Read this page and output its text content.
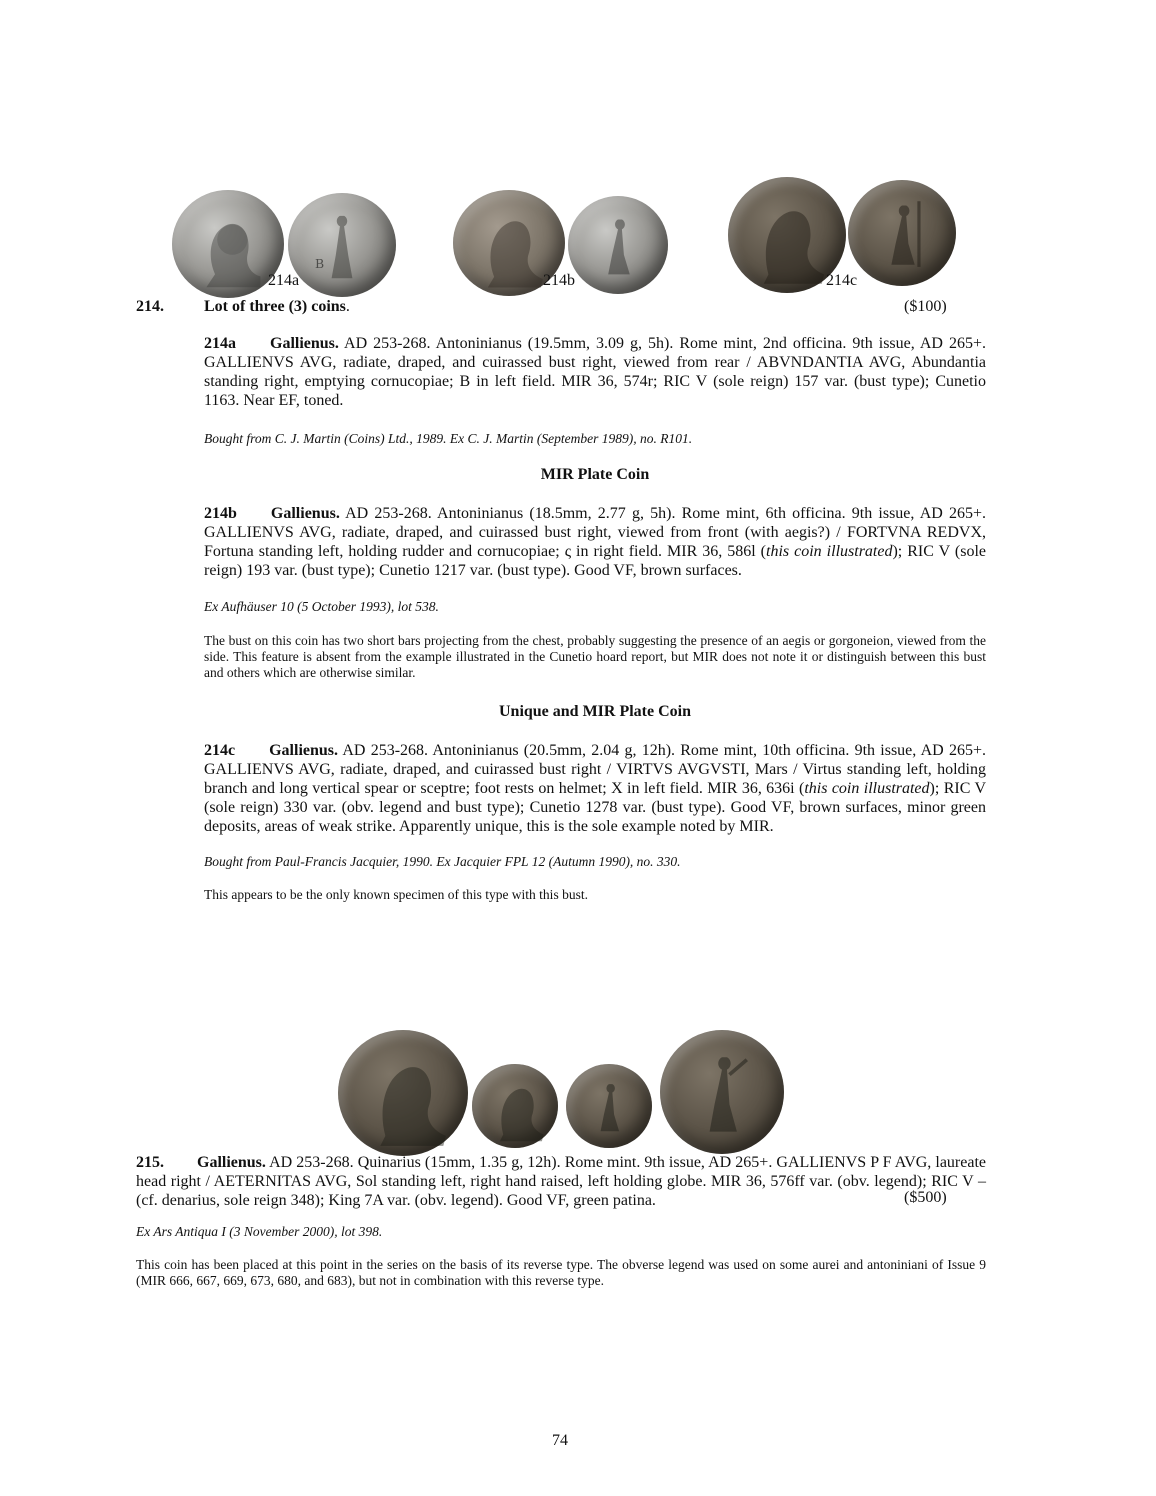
B
214a	214b	214c
214.	Lot of three (3) coins.	($100)
214a Gallienus. AD 253-268. Antoninianus (19.5mm, 3.09 g, 5h). Rome mint, 2nd officina. 9th issue, AD 265+. GALLIENVS AVG, radiate, draped, and cuirassed bust right, viewed from rear / ABVNDANTIA AVG, Abundantia standing right, emptying cornucopiae; B in left field. MIR 36, 574r; RIC V (sole reign) 157 var. (bust type); Cunetio 1163. Near EF, toned.
Bought from C. J. Martin (Coins) Ltd., 1989. Ex C. J. Martin (September 1989), no. R101.
MIR Plate Coin
214b Gallienus. AD 253-268. Antoninianus (18.5mm, 2.77 g, 5h). Rome mint, 6th officina. 9th issue, AD 265+. GALLIENVS AVG, radiate, draped, and cuirassed bust right, viewed from front (with aegis?) / FORTVNA REDVX, Fortuna standing left, holding rudder and cornucopiae; ς in right field. MIR 36, 586l (this coin illustrated); RIC V (sole reign) 193 var. (bust type); Cunetio 1217 var. (bust type). Good VF, brown surfaces.
Ex Aufhäuser 10 (5 October 1993), lot 538.
The bust on this coin has two short bars projecting from the chest, probably suggesting the presence of an aegis or gorgoneion, viewed from the side. This feature is absent from the example illustrated in the Cunetio hoard report, but MIR does not note it or distinguish between this bust and others which are otherwise similar.
Unique and MIR Plate Coin
214c Gallienus. AD 253-268. Antoninianus (20.5mm, 2.04 g, 12h). Rome mint, 10th officina. 9th issue, AD 265+. GALLIENVS AVG, radiate, draped, and cuirassed bust right / VIRTVS AVGVSTI, Mars / Virtus standing left, holding branch and long vertical spear or sceptre; foot rests on helmet; X in left field. MIR 36, 636i (this coin illustrated); RIC V (sole reign) 330 var. (obv. legend and bust type); Cunetio 1278 var. (bust type). Good VF, brown surfaces, minor green deposits, areas of weak strike. Apparently unique, this is the sole example noted by MIR.
Bought from Paul-Francis Jacquier, 1990. Ex Jacquier FPL 12 (Autumn 1990), no. 330.
This appears to be the only known specimen of this type with this bust.
215. Gallienus. AD 253-268. Quinarius (15mm, 1.35 g, 12h). Rome mint. 9th issue, AD 265+. GALLIENVS P F AVG, laureate head right / AETERNITAS AVG, Sol standing left, right hand raised, left holding globe. MIR 36, 576ff var. (obv. legend); RIC V – (cf. denarius, sole reign 348); King 7A var. (obv. legend). Good VF, green patina.	($500)
Ex Ars Antiqua I (3 November 2000), lot 398.
This coin has been placed at this point in the series on the basis of its reverse type. The obverse legend was used on some aurei and antoniniani of Issue 9 (MIR 666, 667, 669, 673, 680, and 683), but not in combination with this reverse type.
74
